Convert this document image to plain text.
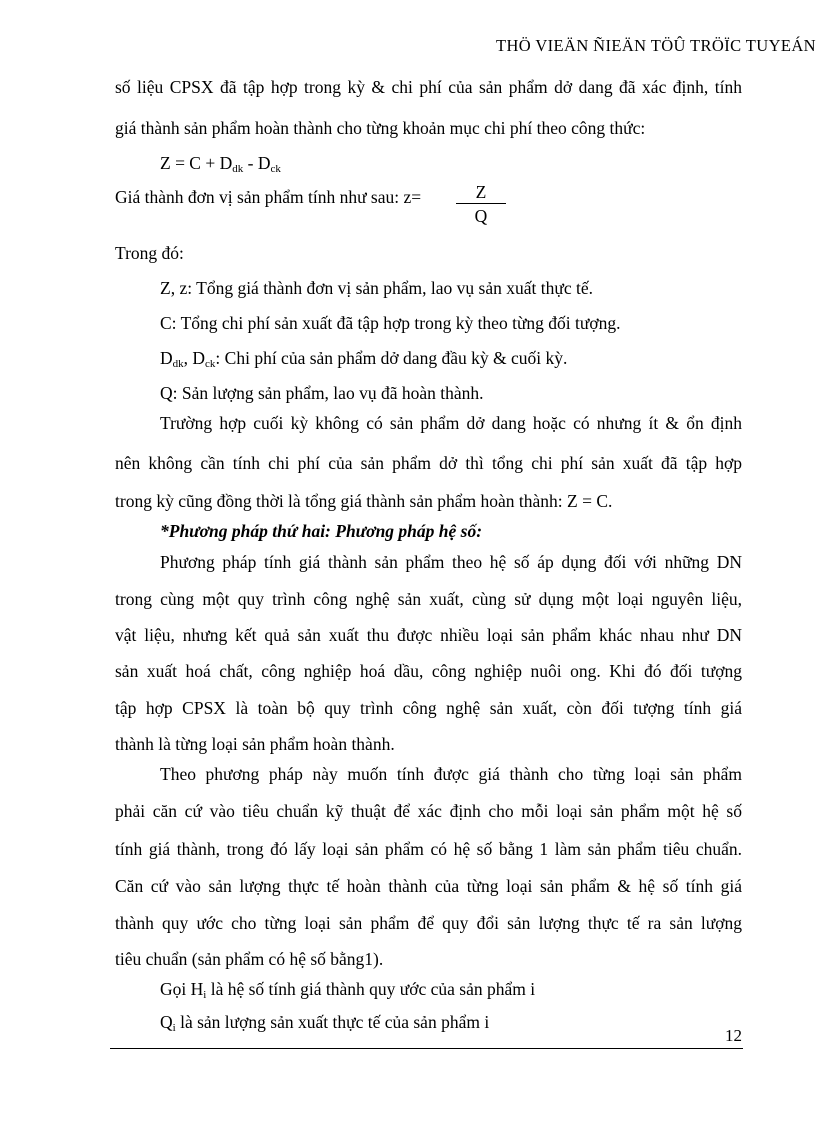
THÖ VIEÄN ÑIEÄN TÖÛ TRÖÏC TUYEÁN
số liệu CPSX đã tập hợp trong kỳ & chi phí của sản phẩm dở dang đã xác định, tính
giá thành sản phẩm hoàn thành cho từng khoản mục chi phí theo công thức:
$Z = C + D_{dk} - D_{ck}$
Giá thành đơn vị sản phẩm tính như sau: z=	$\frac{Z}{Q}$
Trong đó:
Z, z: Tổng giá thành đơn vị sản phẩm, lao vụ sản xuất thực tế.
C: Tổng chi phí sản xuất đã tập hợp trong kỳ theo từng đối tượng.
$D_{dk}$, $D_{ck}$: Chi phí của sản phẩm dở dang đầu kỳ & cuối kỳ.
Q: Sản lượng sản phẩm, lao vụ đã hoàn thành.
Trường hợp cuối kỳ không có sản phẩm dở dang hoặc có nhưng ít & ổn định
nên không cần tính chi phí của sản phẩm dở thì tổng chi phí sản xuất đã tập hợp
trong kỳ cũng đồng thời là tổng giá thành sản phẩm hoàn thành: Z = C.
*Phương pháp thứ hai: Phương pháp hệ số:
Phương pháp tính giá thành sản phẩm theo hệ số áp dụng đối với những DN
trong cùng một quy trình công nghệ sản xuất, cùng sử dụng một loại nguyên liệu,
vật liệu, nhưng kết quả sản xuất thu được nhiều loại sản phẩm khác nhau như DN
sản xuất hoá chất, công nghiệp hoá dầu, công nghiệp nuôi ong. Khi đó đối tượng
tập hợp CPSX là toàn bộ quy trình công nghệ sản xuất, còn đối tượng tính giá
thành là từng loại sản phẩm hoàn thành.
Theo phương pháp này muốn tính được giá thành cho từng loại sản phẩm
phải căn cứ vào tiêu chuẩn kỹ thuật để xác định cho mỗi loại sản phẩm một hệ số
tính giá thành, trong đó lấy loại sản phẩm có hệ số bằng 1 làm sản phẩm tiêu chuẩn.
Căn cứ vào sản lượng thực tế hoàn thành của từng loại sản phẩm & hệ số tính giá
thành quy ước cho từng loại sản phẩm để quy đổi sản lượng thực tế ra sản lượng
tiêu chuẩn (sản phẩm có hệ số bằng1).
Gọi $H_i$ là hệ số tính giá thành quy ước của sản phẩm i
$Q_i$ là sản lượng sản xuất thực tế của sản phẩm i
12
